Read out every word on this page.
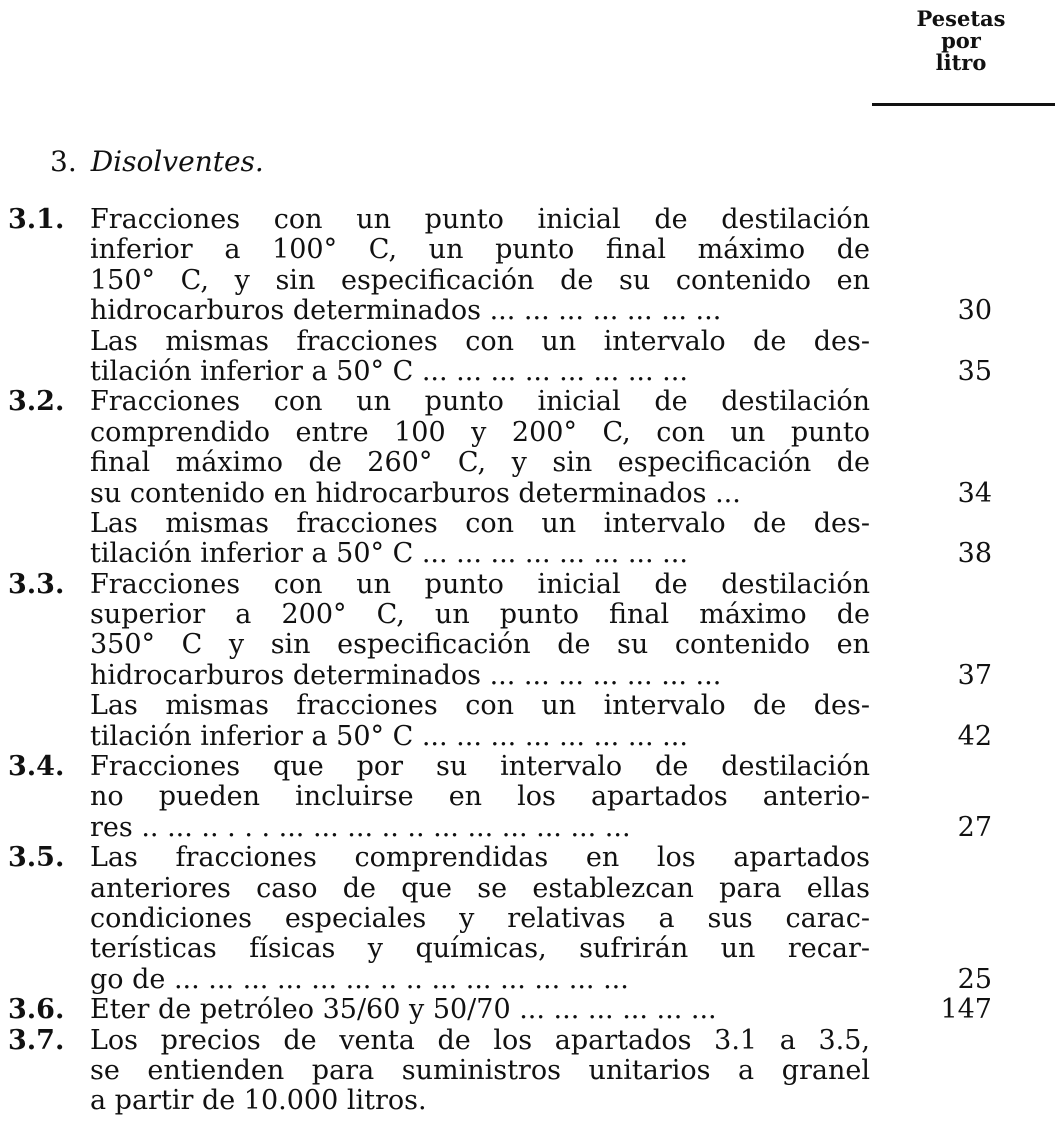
Pesetas
por
litro
3. Disolventes.
3.1. Fracciones con un punto inicial de destilación
inferior a 100° C, un punto final máximo de
150° C, y sin especificación de su contenido en
hidrocarburos determinados ... ... ... ... ... ... ...	30
Las mismas fracciones con un intervalo de des-
tilación inferior a 50° C ... ... ... ... ... ... ... ...	35
3.2. Fracciones con un punto inicial de destilación
comprendido entre 100 y 200° C, con un punto
final máximo de 260° C, y sin especificación de
su contenido en hidrocarburos determinados ...	34
Las mismas fracciones con un intervalo de des-
tilación inferior a 50° C ... ... ... ... ... ... ... ...	38
3.3. Fracciones con un punto inicial de destilación
superior a 200° C, un punto final máximo de
350° C y sin especificación de su contenido en
hidrocarburos determinados ... ... ... ... ... ... ...	37
Las mismas fracciones con un intervalo de des-
tilación inferior a 50° C ... ... ... ... ... ... ... ...	42
3.4. Fracciones que por su intervalo de destilación
no pueden incluirse en los apartados anterio-
res .. ... .. . . . ... ... ... .. .. ... ... ... ... ... ...	27
3.5. Las fracciones comprendidas en los apartados
anteriores caso de que se establezcan para ellas
condiciones especiales y relativas a sus carac-
terísticas físicas y químicas, sufrirán un recar-
go de ... ... ... ... ... ... .. .. ... ... ... ... ... ...	25
3.6. Eter de petróleo 35/60 y 50/70 ... ... ... ... ... ...	147
3.7. Los precios de venta de los apartados 3.1 a 3.5,
se entienden para suministros unitarios a granel
a partir de 10.000 litros.
